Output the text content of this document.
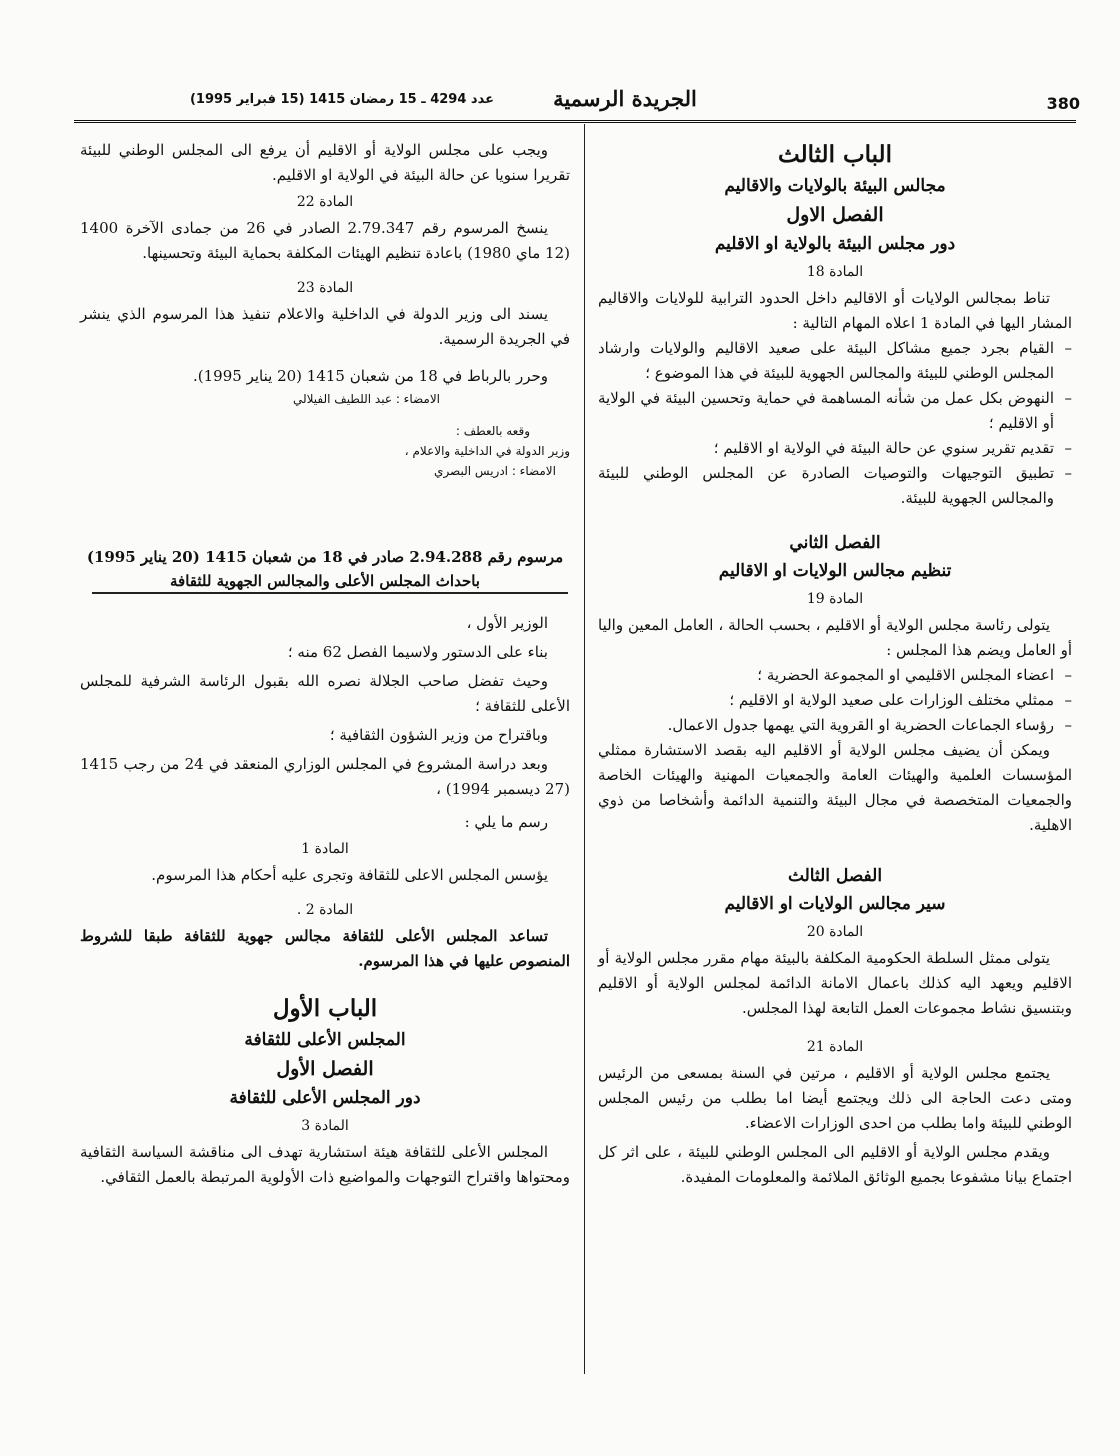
380
الجريدة الرسمية
عدد 4294 ـ 15 رمضان 1415 (15 فبراير 1995)
الباب الثالث
مجالس البيئة بالولايات والاقاليم
الفصل الاول
دور مجلس البيئة بالولاية او الاقليم
المادة 18

تناط بمجالس الولايات أو الاقاليم داخل الحدود الترابية للولايات والاقاليم المشار اليها في المادة 1 اعلاه المهام التالية :

– القيام بجرد جميع مشاكل البيئة على صعيد الاقاليم والولايات وارشاد المجلس الوطني للبيئة والمجالس الجهوية للبيئة في هذا الموضوع ؛
– النهوض بكل عمل من شأنه المساهمة في حماية وتحسين البيئة في الولاية أو الاقليم ؛
– تقديم تقرير سنوي عن حالة البيئة في الولاية او الاقليم ؛
– تطبيق التوجيهات والتوصيات الصادرة عن المجلس الوطني للبيئة والمجالس الجهوية للبيئة.
الفصل الثاني
تنظيم مجالس الولايات او الاقاليم
المادة 19

يتولى رئاسة مجلس الولاية أو الاقليم ، بحسب الحالة ، العامل المعين واليا أو العامل ويضم هذا المجلس :

– اعضاء المجلس الاقليمي او المجموعة الحضرية ؛
– ممثلي مختلف الوزارات على صعيد الولاية او الاقليم ؛
– رؤساء الجماعات الحضرية او القروية التي يهمها جدول الاعمال.

ويمكن أن يضيف مجلس الولاية أو الاقليم اليه بقصد الاستشارة ممثلي المؤسسات العلمية والهيئات العامة والجمعيات المهنية والهيئات الخاصة والجمعيات المتخصصة في مجال البيئة والتنمية الدائمة وأشخاصا من ذوي الاهلية.

الفصل الثالث
سير مجالس الولايات او الاقاليم
المادة 20

يتولى ممثل السلطة الحكومية المكلفة بالبيئة مهام مقرر مجلس الولاية أو الاقليم ويعهد اليه كذلك باعمال الامانة الدائمة لمجلس الولاية أو الاقليم وبتنسيق نشاط مجموعات العمل التابعة لهذا المجلس.

المادة 21

يجتمع مجلس الولاية أو الاقليم ، مرتين في السنة بمسعى من الرئيس ومتى دعت الحاجة الى ذلك ويجتمع أيضا اما بطلب من رئيس المجلس الوطني للبيئة واما بطلب من احدى الوزارات الاعضاء.

ويقدم مجلس الولاية أو الاقليم الى المجلس الوطني للبيئة ، على اثر كل اجتماع بيانا مشفوعا بجميع الوثائق الملائمة والمعلومات المفيدة.

ويجب على مجلس الولاية أو الاقليم أن يرفع الى المجلس الوطني للبيئة تقريرا سنويا عن حالة البيئة في الولاية او الاقليم.

المادة 22

ينسخ المرسوم رقم 2.79.347 الصادر في 26 من جمادى الآخرة 1400 (12 ماي 1980) باعادة تنظيم الهيئات المكلفة بحماية البيئة وتحسينها.

المادة 23

يسند الى وزير الدولة في الداخلية والاعلام تنفيذ هذا المرسوم الذي ينشر في الجريدة الرسمية.

وحرر بالرباط في 18 من شعبان 1415 (20 يناير 1995).

الامضاء : عبد اللطيف الفيلالي

وقعه بالعطف :

وزير الدولة في الداخلية والاعلام ،

الامضاء : ادريس البصري

مرسوم رقم 2.94.288 صادر في 18 من شعبان 1415 (20 يناير 1995)
باحداث المجلس الأعلى والمجالس الجهوية للثقافة

الوزير الأول ،

بناء على الدستور ولاسيما الفصل 62 منه ؛

وحيث تفضل صاحب الجلالة نصره الله بقبول الرئاسة الشرفية للمجلس الأعلى للثقافة ؛

وباقتراح من وزير الشؤون الثقافية ؛

وبعد دراسة المشروع في المجلس الوزاري المنعقد في 24 من رجب 1415 (27 ديسمبر 1994) ،

رسم ما يلي :

المادة 1

يؤسس المجلس الاعلى للثقافة وتجرى عليه أحكام هذا المرسوم.

المادة 2 .

تساعد المجلس الأعلى للثقافة مجالس جهوية للثقافة طبقا للشروط المنصوص عليها في هذا المرسوم.

الباب الأول
المجلس الأعلى للثقافة
الفصل الأول
دور المجلس الأعلى للثقافة
المادة 3

المجلس الأعلى للثقافة هيئة استشارية تهدف الى مناقشة السياسة الثقافية ومحتواها واقتراح التوجهات والمواضيع ذات الأولوية المرتبطة بالعمل الثقافي.
